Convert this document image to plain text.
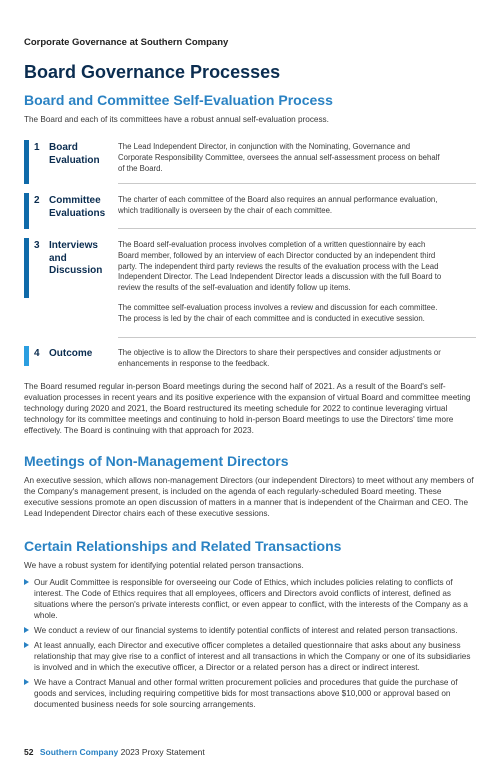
Corporate Governance at Southern Company
Board Governance Processes
Board and Committee Self-Evaluation Process

The Board and each of its committees have a robust annual self-evaluation process.

1 Board Evaluation

The Lead Independent Director, in conjunction with the Nominating, Governance and Corporate Responsibility Committee, oversees the annual self-assessment process on behalf of the Board.

2 Committee Evaluations

The charter of each committee of the Board also requires an annual performance evaluation, which traditionally is overseen by the chair of each committee.

3 Interviews and Discussion

The Board self-evaluation process involves completion of a written questionnaire by each Board member, followed by an interview of each Director conducted by an independent third party. The independent third party reviews the results of the evaluation process with the Lead Independent Director. The Lead Independent Director leads a discussion with the full Board to review the results of the self-evaluation and identify follow up items.

The committee self-evaluation process involves a review and discussion for each committee. The process is led by the chair of each committee and is conducted in executive session.

4 Outcome	The objective is to allow the Directors to share their perspectives and consider adjustments or enhancements in response to the feedback.

The Board resumed regular in-person Board meetings during the second half of 2021. As a result of the Board's self-evaluation processes in recent years and its positive experience with the expansion of virtual Board and committee meeting technology during 2020 and 2021, the Board restructured its meeting schedule for 2022 to continue leveraging virtual technology for its committee meetings and continuing to hold in-person Board meetings to use the Directors' time more effectively. The Board is continuing with that approach for 2023.

Meetings of Non-Management Directors

An executive session, which allows non-management Directors (our independent Directors) to meet without any members of the Company's management present, is included on the agenda of each regularly-scheduled Board meeting. These executive sessions promote an open discussion of matters in a manner that is independent of the Chairman and CEO. The Lead Independent Director chairs each of these executive sessions.

Certain Relationships and Related Transactions

We have a robust system for identifying potential related person transactions.

Our Audit Committee is responsible for overseeing our Code of Ethics, which includes policies relating to conflicts of interest. The Code of Ethics requires that all employees, officers and Directors avoid conflicts of interest, defined as situations where the person's private interests conflict, or even appear to conflict, with the interests of the Company as a whole.
We conduct a review of our financial systems to identify potential conflicts of interest and related person transactions.
At least annually, each Director and executive officer completes a detailed questionnaire that asks about any business relationship that may give rise to a conflict of interest and all transactions in which the Company or one of its subsidiaries is involved and in which the executive officer, a Director or a related person has a direct or indirect interest.
We have a Contract Manual and other formal written procurement policies and procedures that guide the purchase of goods and services, including requiring competitive bids for most transactions above $10,000 or approval based on documented business needs for sole sourcing arrangements.
52 Southern Company 2023 Proxy Statement
